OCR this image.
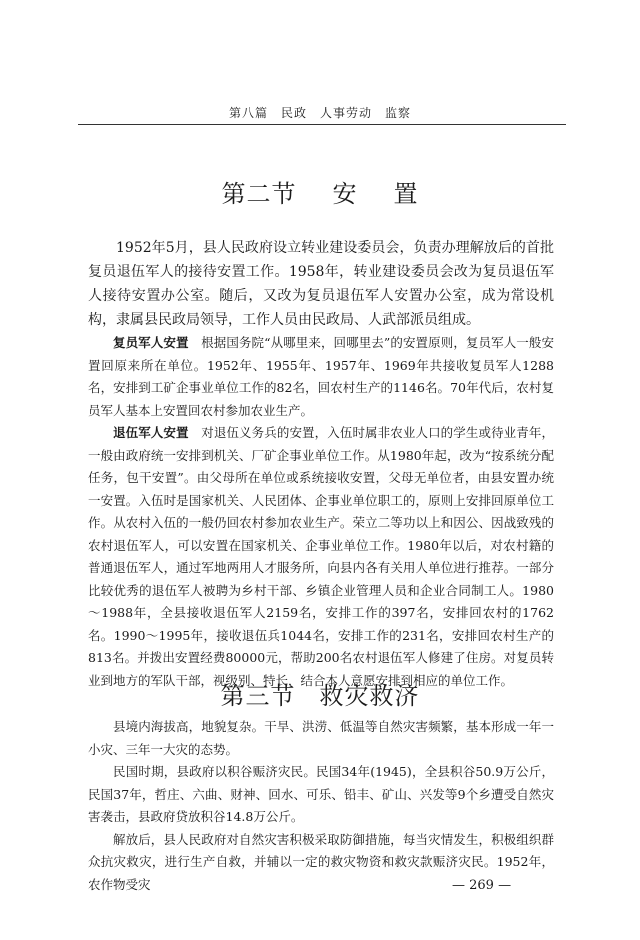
第八篇　民政　人事劳动　监察
第二节 安 置

1952年5月，县人民政府设立转业建设委员会，负责办理解放后的首批复员退伍军人的接待安置工作。1958年，转业建设委员会改为复员退伍军人接待安置办公室。随后，又改为复员退伍军人安置办公室，成为常设机构，隶属县民政局领导，工作人员由民政局、人武部派员组成。

复员军人安置　 根据国务院“从哪里来，回哪里去”的安置原则，复员军人一般安置回原来所在单位。1952年、1955年、1957年、1969年共接收复员军人1288名，安排到工矿企事业单位工作的82名，回农村生产的1146名。70年代后，农村复员军人基本上安置回农村参加农业生产。

退伍军人安置　 对退伍义务兵的安置，入伍时属非农业人口的学生或待业青年，一般由政府统一安排到机关、厂矿企事业单位工作。从1980年起，改为“按系统分配任务，包干安置”。由父母所在单位或系统接收安置，父母无单位者，由县安置办统一安置。入伍时是国家机关、人民团体、企事业单位职工的，原则上安排回原单位工作。从农村入伍的一般仍回农村参加农业生产。荣立二等功以上和因公、因战致残的农村退伍军人，可以安置在国家机关、企事业单位工作。1980年以后，对农村籍的普通退伍军人，通过军地两用人才服务所，向县内各有关用人单位进行推荐。一部分比较优秀的退伍军人被聘为乡村干部、乡镇企业管理人员和企业合同制工人。1980～1988年，全县接收退伍军人2159名，安排工作的397名，安排回农村的1762名。1990～1995年，接收退伍兵1044名，安排工作的231名，安排回农村生产的813名。并拨出安置经费80000元，帮助200名农村退伍军人修建了住房。对复员转业到地方的军队干部，视级别、特长，结合本人意愿安排到相应的单位工作。

第三节 救灾救济

县境内海拔高，地貌复杂。干旱、洪涝、低温等自然灾害频繁，基本形成一年一小灾、三年一大灾的态势。

民国时期，县政府以积谷赈济灾民。民国34年(1945)，全县积谷50.9万公斤，民国37年，哲庄、六曲、财神、回水、可乐、铅丰、矿山、兴发等9个乡遭受自然灾害袭击，县政府贷放积谷14.8万公斤。

解放后，县人民政府对自然灾害积极采取防御措施，每当灾情发生，积极组织群众抗灾救灾，进行生产自救，并辅以一定的救灾物资和救灾款赈济灾民。1952年，农作物受灾	— 269 —
